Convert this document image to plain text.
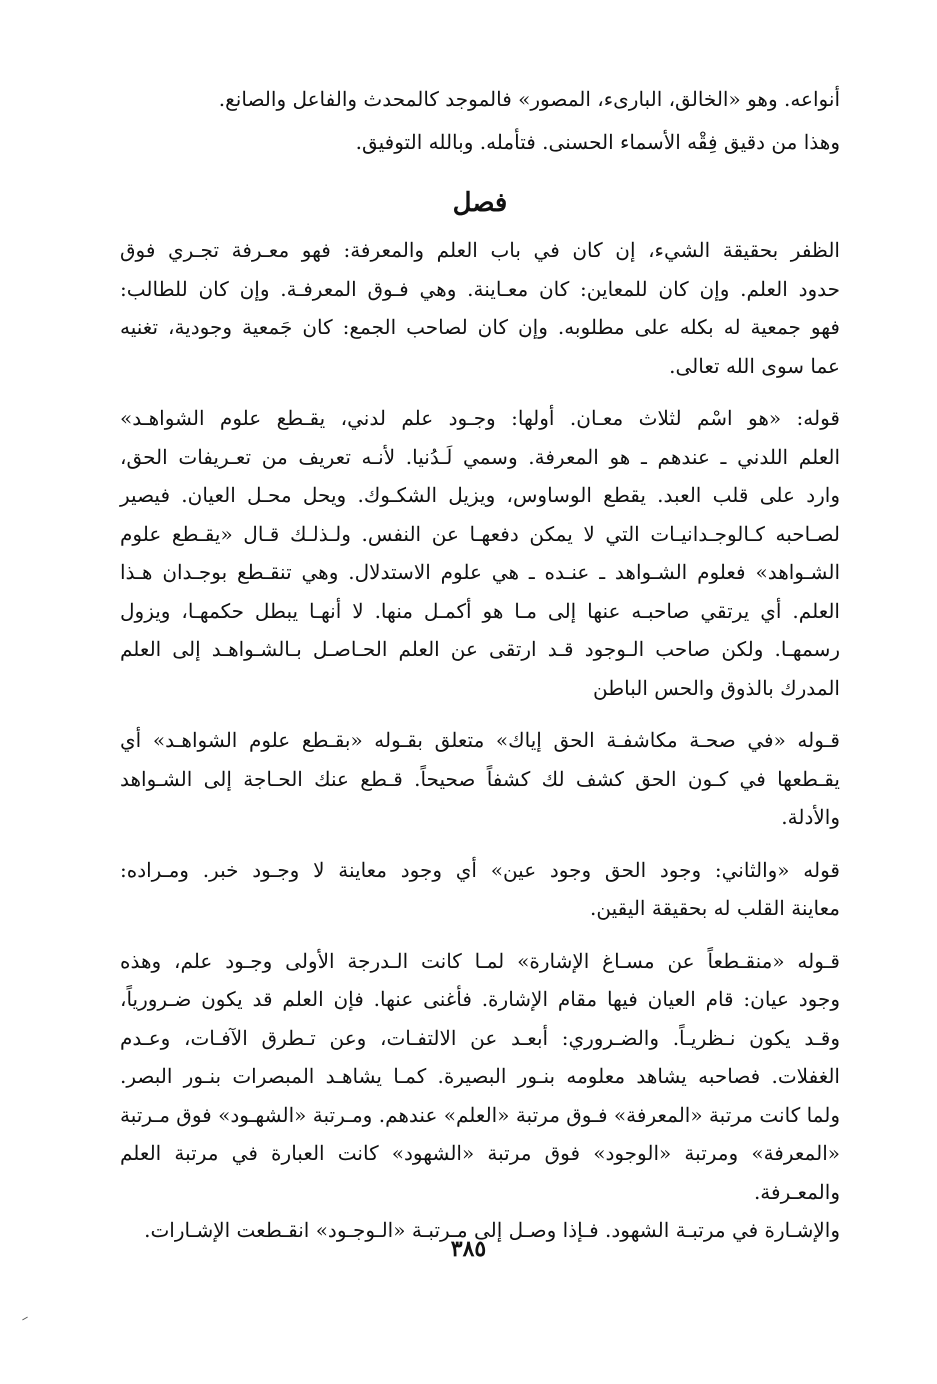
أنواعه. وهو «الخالق، البارىء، المصور» فالموجد كالمحدث والفاعل والصانع.

وهذا من دقيق فِقْه الأسماء الحسنى. فتأمله. وبالله التوفيق.

فصل

الظفر بحقيقة الشيء، إن كان في باب العلم والمعرفة: فهو معـرفة تجـري فوق
حدود العلم. وإن كان للمعاين: كان معـاينة. وهي فـوق المعرفـة. وإن كان للطالب:
فهو جمعية له بكله على مطلوبه. وإن كان لصاحب الجمع: كان جَمعية وجودية، تغنيه
عما سوى الله تعالى.

قوله: «هو اسْم لثلاث معـان. أولها: وجـود علم لدني، يقـطع علوم الشواهـد»
العلم اللدني ـ عندهم ـ هو المعرفة. وسمي لَـدُنيا. لأنـه تعريف من تعـريفات الحق،
وارد على قلب العبد. يقطع الوساوس، ويزيل الشكـوك. ويحل محـل العيان. فيصير
لصـاحبه كـالوجـدانيـات التي لا يمكن دفعهـا عن النفس. ولـذلـك قـال «يقـطع علوم
الشـواهد» فعلوم الشـواهد ـ عنـده ـ هي علوم الاستدلال. وهي تنقـطع بوجـدان هـذا
العلم. أي يرتقي صاحبـه عنها إلى مـا هو أكمـل منها. لا أنهـا يبطل حكمهـا، ويزول
رسمهـا. ولكن صاحب الـوجود قـد ارتقى عن العلم الحـاصـل بـالشـواهـد إلى العلم
المدرك بالذوق والحس الباطن

قـوله «في صحـة مكاشفـة الحق إياك» متعلق بقـوله «بقـطع علوم الشواهـد» أي
يقـطعها في كـون الحق كشف لك كشفاً صحيحاً. قـطع عنك الحـاجة إلى الشـواهد
والأدلة.

قوله «والثاني: وجود الحق وجود عين» أي وجود معاينة لا وجـود خبر. ومـراده:
معاينة القلب له بحقيقة اليقين.

قـوله «منقـطعاً عن مسـاغ الإشارة» لمـا كانت الـدرجة الأولى وجـود علم، وهذه
وجود عيان: قام العيان فيها مقام الإشارة. فأغنى عنها. فإن العلم قد يكون ضـرورياً،
وقـد يكون نـظريـاً. والضـروري: أبعـد عن الالتفـات، وعن تـطرق الآفـات، وعـدم
الغفلات. فصاحبه يشاهد معلومه بنـور البصيرة. كمـا يشاهـد المبصرات بنـور البصر.
ولما كانت مرتبة «المعرفة» فـوق مرتبة «العلم» عندهم. ومـرتبة «الشهـود» فوق مـرتبة
«المعرفة» ومرتبة «الوجود» فوق مرتبة «الشهود» كانت العبارة في مرتبة العلم والمعـرفة.
والإشـارة في مرتبـة الشهود. فـإذا وصـل إلى مـرتبـة «الـوجـود» انقـطعت الإشـارات.

٣٨٥
